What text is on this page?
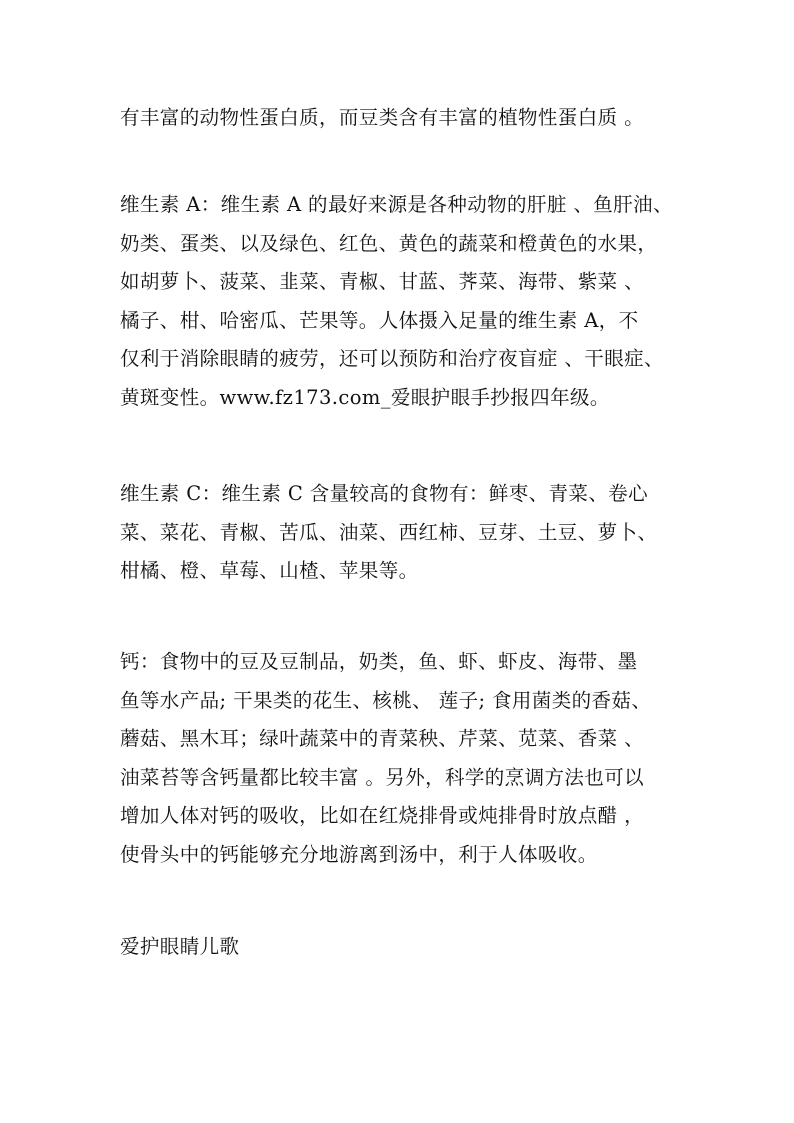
有丰富的动物性蛋白质，而豆类含有丰富的植物性蛋白质 。

维生素 A：维生素 A 的最好来源是各种动物的肝脏 、鱼肝油、
奶类、蛋类、以及绿色、红色、黄色的蔬菜和橙黄色的水果，
如胡萝卜、菠菜、韭菜、青椒、甘蓝、荠菜、海带、紫菜 、
橘子、柑、哈密瓜、芒果等。人体摄入足量的维生素 A，不
仅利于消除眼睛的疲劳，还可以预防和治疗夜盲症 、干眼症、
黄斑变性。www.fz173.com_爱眼护眼手抄报四年级。

维生素 C：维生素 C 含量较高的食物有：鲜枣、青菜、卷心
菜、菜花、青椒、苦瓜、油菜、西红柿、豆芽、土豆、萝卜、
柑橘、橙、草莓、山楂、苹果等。

钙：食物中的豆及豆制品，奶类，鱼、虾、虾皮、海带、墨
鱼等水产品; 干果类的花生、核桃、 莲子; 食用菌类的香菇、
蘑菇、黑木耳；绿叶蔬菜中的青菜秧、芹菜、苋菜、香菜 、
油菜苔等含钙量都比较丰富 。另外，科学的烹调方法也可以
增加人体对钙的吸收，比如在红烧排骨或炖排骨时放点醋 ，
使骨头中的钙能够充分地游离到汤中，利于人体吸收。

爱护眼睛儿歌
